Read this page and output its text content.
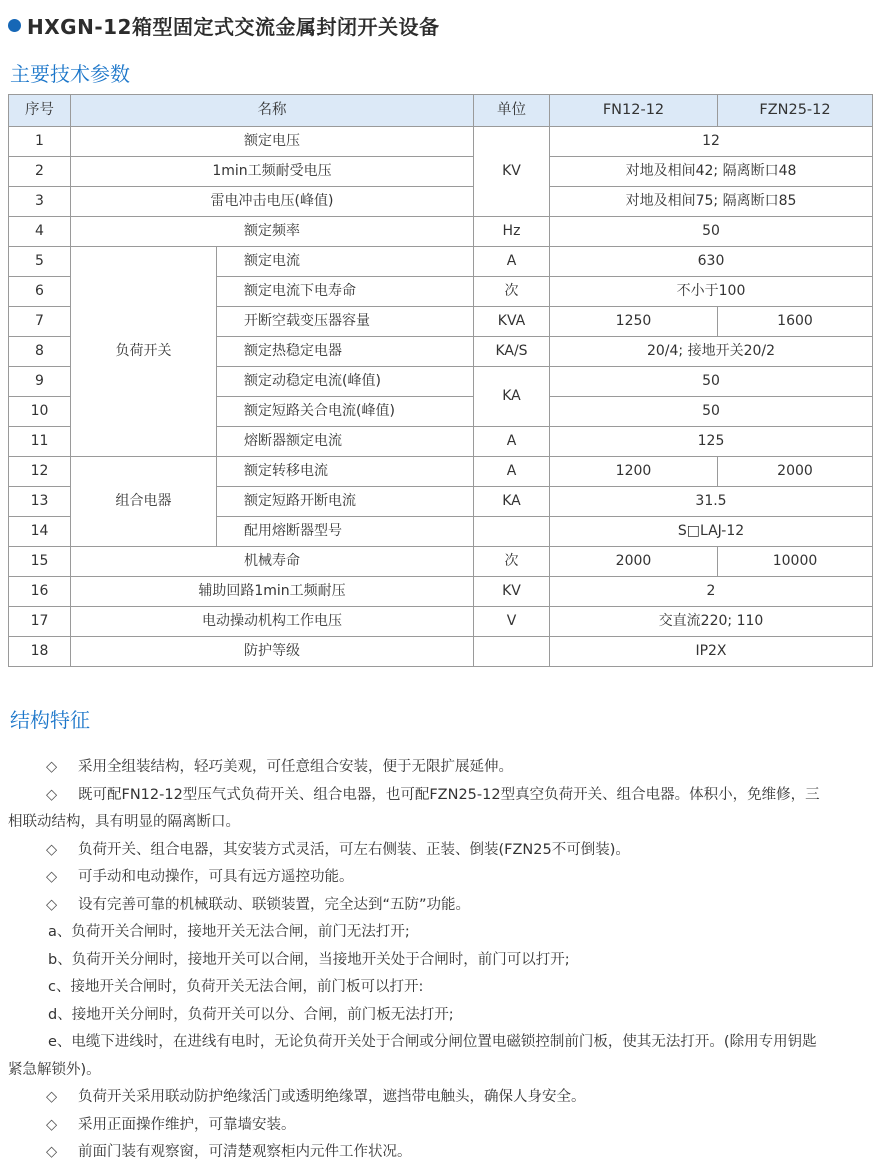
HXGN-12箱型固定式交流金属封闭开关设备
主要技术参数
序号	名称		单位	FN12-12	FZN25-12
1	额定电压		KV	12	
2	1min工频耐受电压			对地及相间42; 隔离断口48	
3	雷电冲击电压(峰值)			对地及相间75; 隔离断口85	
4	额定频率		Hz	50	
5	负荷开关	额定电流	A	630	
6		额定电流下电寿命	次	不小于100	
7		开断空载变压器容量	KVA	1250	1600
8		额定热稳定电器	KA/S	20/4; 接地开关20/2	
9		额定动稳定电流(峰值)	KA	50	
10		额定短路关合电流(峰值)		50	
11		熔断器额定电流	A	125	
12	组合电器	额定转移电流	A	1200	2000
13		额定短路开断电流	KA	31.5	
14		配用熔断器型号		S□LAJ-12	
15	机械寿命		次	2000	10000
16	辅助回路1min工频耐压		KV	2	
17	电动操动机构工作电压		V	交直流220; 110	
18	防护等级			IP2X	
结构特征

◇ 采用全组装结构，轻巧美观，可任意组合安装，便于无限扩展延伸。

◇ 既可配FN12-12型压气式负荷开关、组合电器，也可配FZN25-12型真空负荷开关、组合电器。体积小，免维修，三

相联动结构，具有明显的隔离断口。

◇ 负荷开关、组合电器，其安装方式灵活，可左右侧装、正装、倒装(FZN25不可倒装)。

◇ 可手动和电动操作，可具有远方遥控功能。

◇ 设有完善可靠的机械联动、联锁装置，完全达到“五防”功能。

a、负荷开关合闸时，接地开关无法合闸，前门无法打开;

b、负荷开关分闸时，接地开关可以合闸，当接地开关处于合闸时，前门可以打开;

c、接地开关合闸时，负荷开关无法合闸，前门板可以打开:

d、接地开关分闸时，负荷开关可以分、合闸，前门板无法打开;

e、电缆下进线时，在进线有电时，无论负荷开关处于合闸或分闸位置电磁锁控制前门板，使其无法打开。(除用专用钥匙

紧急解锁外)。

◇ 负荷开关采用联动防护绝缘活门或透明绝缘罩，遮挡带电触头，确保人身安全。

◇ 采用正面操作维护，可靠墙安装。

◇ 前面门装有观察窗，可清楚观察柜内元件工作状况。
